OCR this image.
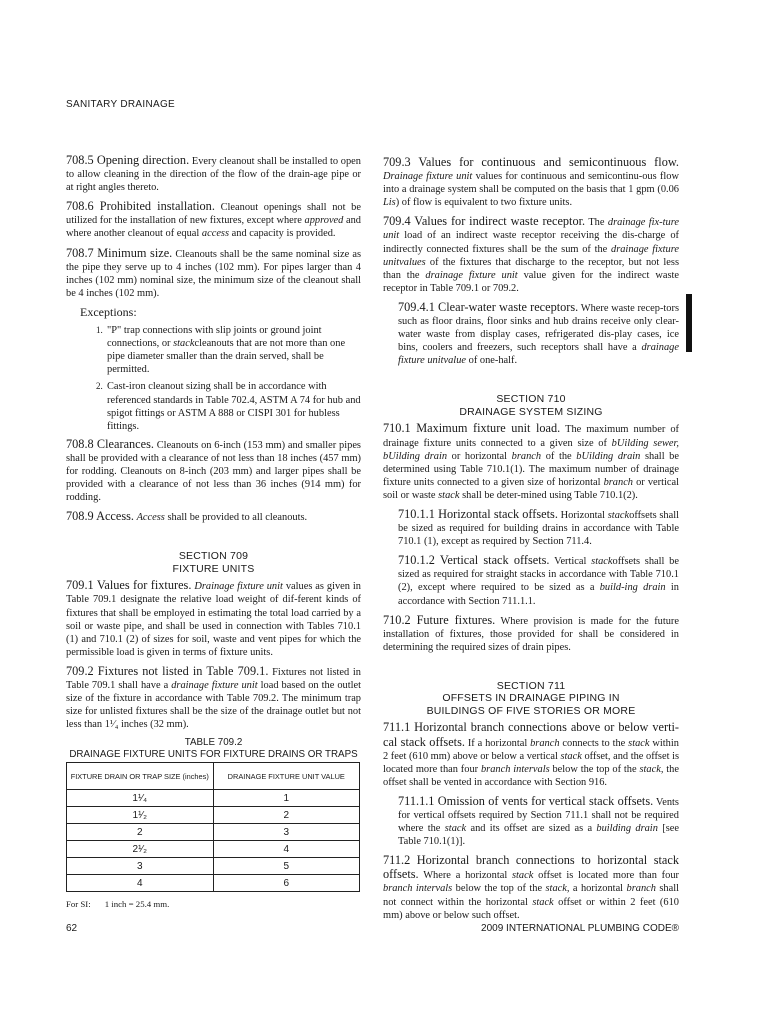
SANITARY DRAINAGE

708.5 Opening direction. Every cleanout shall be installed to open to allow cleaning in the direction of the flow of the drain-age pipe or at right angles thereto.

708.6 Prohibited installation. Cleanout openings shall not be utilized for the installation of new fixtures, except where approved and where another cleanout of equal access and capacity is provided.

708.7 Minimum size. Cleanouts shall be the same nominal size as the pipe they serve up to 4 inches (102 mm). For pipes larger than 4 inches (102 mm) nominal size, the minimum size of the cleanout shall be 4 inches (102 mm).

Exceptions:
1. "P" trap connections with slip joints or ground joint connections, or stackcleanouts that are not more than one pipe diameter smaller than the drain served, shall be permitted.
2. Cast-iron cleanout sizing shall be in accordance with referenced standards in Table 702.4, ASTM A 74 for hub and spigot fittings or ASTM A 888 or CISPI 301 for hubless fittings.

708.8 Clearances. Cleanouts on 6-inch (153 mm) and smaller pipes shall be provided with a clearance of not less than 18 inches (457 mm) for rodding. Cleanouts on 8-inch (203 mm) and larger pipes shall be provided with a clearance of not less than 36 inches (914 mm) for rodding.

708.9 Access. Access shall be provided to all cleanouts.

SECTION 709
FIXTURE UNITS

709.1 Values for fixtures. Drainage fixture unit values as given in Table 709.1 designate the relative load weight of dif-ferent kinds of fixtures that shall be employed in estimating the total load carried by a soil or waste pipe, and shall be used in connection with Tables 710.1 (1) and 710.1 (2) of sizes for soil, waste and vent pipes for which the permissible load is given in terms of fixture units.

709.2 Fixtures not listed in Table 709.1. Fixtures not listed in Table 709.1 shall have a drainage fixture unit load based on the outlet size of the fixture in accordance with Table 709.2. The minimum trap size for unlisted fixtures shall be the size of the drainage outlet but not less than 1¹⁄₄ inches (32 mm).

TABLE 709.2
DRAINAGE FIXTURE UNITS FOR FIXTURE DRAINS OR TRAPS
FIXTURE DRAIN OR TRAP SIZE (inches)	DRAINAGE FIXTURE UNIT VALUE
1¹⁄₄	1
1¹⁄₂	2
2	3
2¹⁄₂	4
3	5
4	6
For SI: 1 inch = 25.4 mm.

709.3 Values for continuous and semicontinuous flow. Drainage fixture unit values for continuous and semicontinu-ous flow into a drainage system shall be computed on the basis that 1 gpm (0.06 Lis) of flow is equivalent to two fixture units.

709.4 Values for indirect waste receptor. The drainage fix-ture unit load of an indirect waste receptor receiving the dis-charge of indirectly connected fixtures shall be the sum of the drainage fixture unitvalues of the fixtures that discharge to the receptor, but not less than the drainage fixture unit value given for the indirect waste receptor in Table 709.1 or 709.2.

709.4.1 Clear-water waste receptors. Where waste recep-tors such as floor drains, floor sinks and hub drains receive only clear-water waste from display cases, refrigerated dis-play cases, ice bins, coolers and freezers, such receptors shall have a drainage fixture unitvalue of one-half.

SECTION 710
DRAINAGE SYSTEM SIZING

710.1 Maximum fixture unit load. The maximum number of drainage fixture units connected to a given size of bUilding sewer, bUilding drain or horizontal branch of the bUilding drain shall be determined using Table 710.1(1). The maximum number of drainage fixture units connected to a given size of horizontal branch or vertical soil or waste stack shall be deter-mined using Table 710.1(2).

710.1.1 Horizontal stack offsets. Horizontal stackoffsets shall be sized as required for building drains in accordance with Table 710.1 (1), except as required by Section 711.4.

710.1.2 Vertical stack offsets. Vertical stackoffsets shall be sized as required for straight stacks in accordance with Table 710.1 (2), except where required to be sized as a build-ing drain in accordance with Section 711.1.1.

710.2 Future fixtures. Where provision is made for the future installation of fixtures, those provided for shall be considered in determining the required sizes of drain pipes.

SECTION 711
OFFSETS IN DRAINAGE PIPING IN
BUILDINGS OF FIVE STORIES OR MORE

711.1 Horizontal branch connections above or below verti-cal stack offsets. If a horizontal branch connects to the stack within 2 feet (610 mm) above or below a vertical stack offset, and the offset is located more than four branch intervals below the top of the stack, the offset shall be vented in accordance with Section 916.

711.1.1 Omission of vents for vertical stack offsets. Vents for vertical offsets required by Section 711.1 shall not be required where the stack and its offset are sized as a building drain [see Table 710.1(1)].

711.2 Horizontal branch connections to horizontal stack offsets. Where a horizontal stack offset is located more than four branch intervals below the top of the stack, a horizontal branch shall not connect within the horizontal stack offset or within 2 feet (610 mm) above or below such offset.

62	2009 INTERNATIONAL PLUMBING CODE®
